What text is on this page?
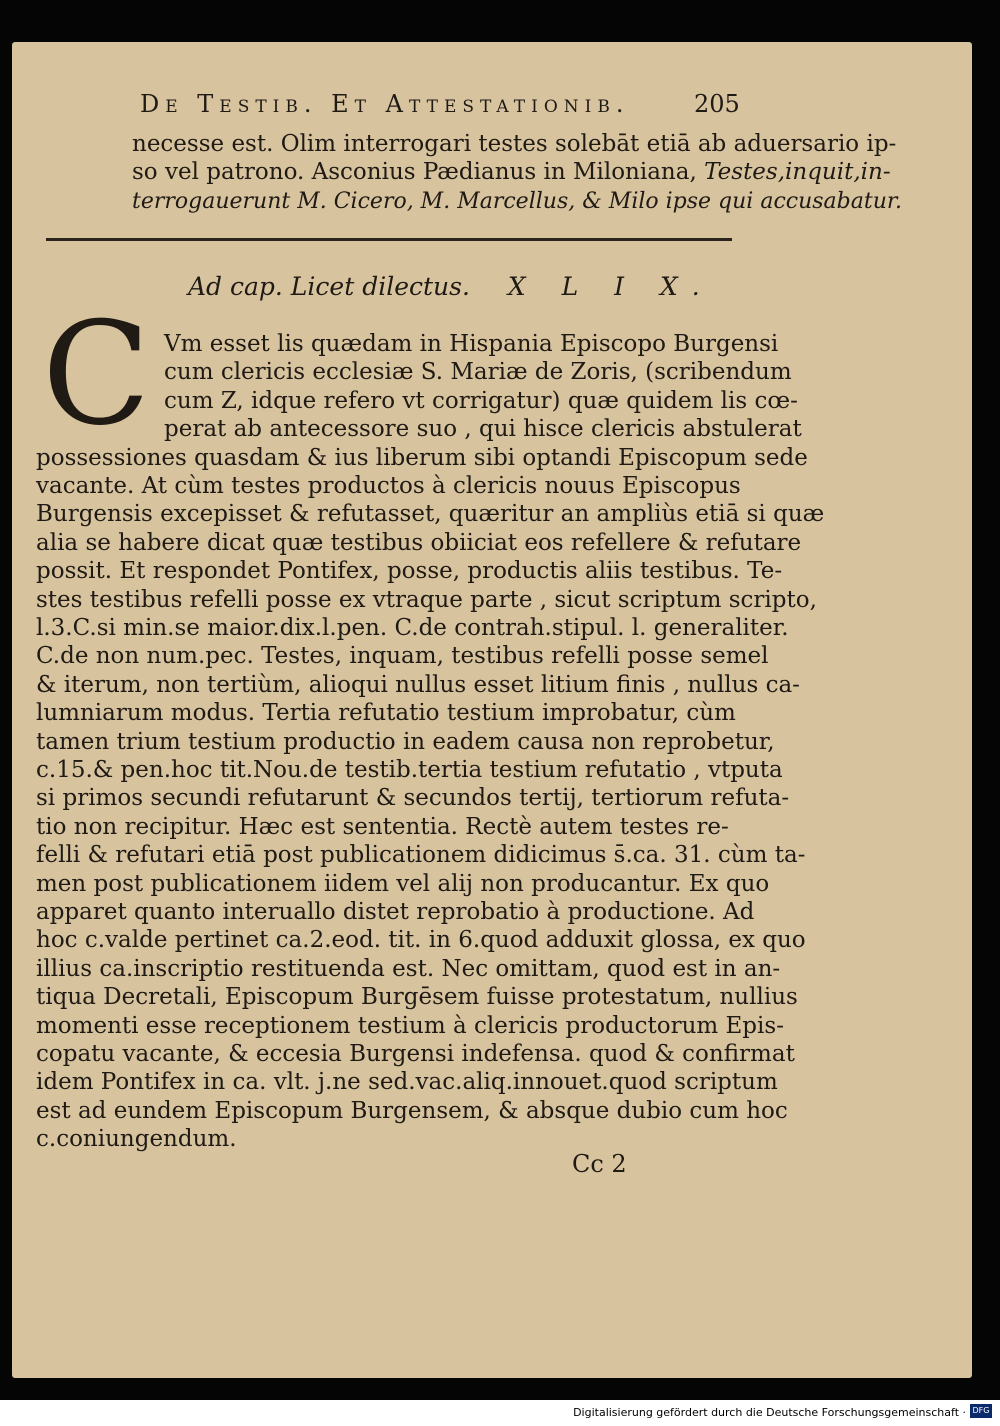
De Testib. Et Attestationib.	205
necesse est. Olim interrogari testes solebāt etiā ab aduersario ip-
so vel patrono. Asconius Pædianus in Miloniana, Testes,inquit,in-
terrogauerunt M. Cicero, M. Marcellus, & Milo ipse qui accusabatur.
Ad cap. Licet dilectus. X L I X.
C Vm esset lis quædam in Hispania Episcopo Burgensi
cum clericis ecclesiæ S. Mariæ de Zoris, (scribendum
cum Z, idque refero vt corrigatur) quæ quidem lis cœ-
perat ab antecessore suo , qui hisce clericis abstulerat
possessiones quasdam & ius liberum sibi optandi Episcopum sede
vacante. At cùm testes productos à clericis nouus Episcopus
Burgensis excepisset & refutasset, quæritur an ampliùs etiā si quæ
alia se habere dicat quæ testibus obiiciat eos refellere & refutare
possit. Et respondet Pontifex, posse, productis aliis testibus. Te-
stes testibus refelli posse ex vtraque parte , sicut scriptum scripto,
l.3.C.si min.se maior.dix.l.pen. C.de contrah.stipul. l. generaliter.
C.de non num.pec. Testes, inquam, testibus refelli posse semel
& iterum, non tertiùm, alioqui nullus esset litium finis , nullus ca-
lumniarum modus. Tertia refutatio testium improbatur, cùm
tamen trium testium productio in eadem causa non reprobetur,
c.15.& pen.hoc tit.Nou.de testib.tertia testium refutatio , vtputa
si primos secundi refutarunt & secundos tertij, tertiorum refuta-
tio non recipitur. Hæc est sententia. Rectè autem testes re-
felli & refutari etiā post publicationem didicimus s̄.ca. 31. cùm ta-
men post publicationem iidem vel alij non producantur. Ex quo
apparet quanto interuallo distet reprobatio à productione. Ad
hoc c.valde pertinet ca.2.eod. tit. in 6.quod adduxit glossa, ex quo
illius ca.inscriptio restituenda est. Nec omittam, quod est in an-
tiqua Decretali, Episcopum Burgēsem fuisse protestatum, nullius
momenti esse receptionem testium à clericis productorum Epis-
copatu vacante, & eccesia Burgensi indefensa. quod & confirmat
idem Pontifex in ca. vlt. j.ne sed.vac.aliq.innouet.quod scriptum
est ad eundem Episcopum Burgensem, & absque dubio cum hoc
c.coniungendum.
Cc 2
Digitalisierung gefördert durch die Deutsche Forschungsgemeinschaft · DFG
